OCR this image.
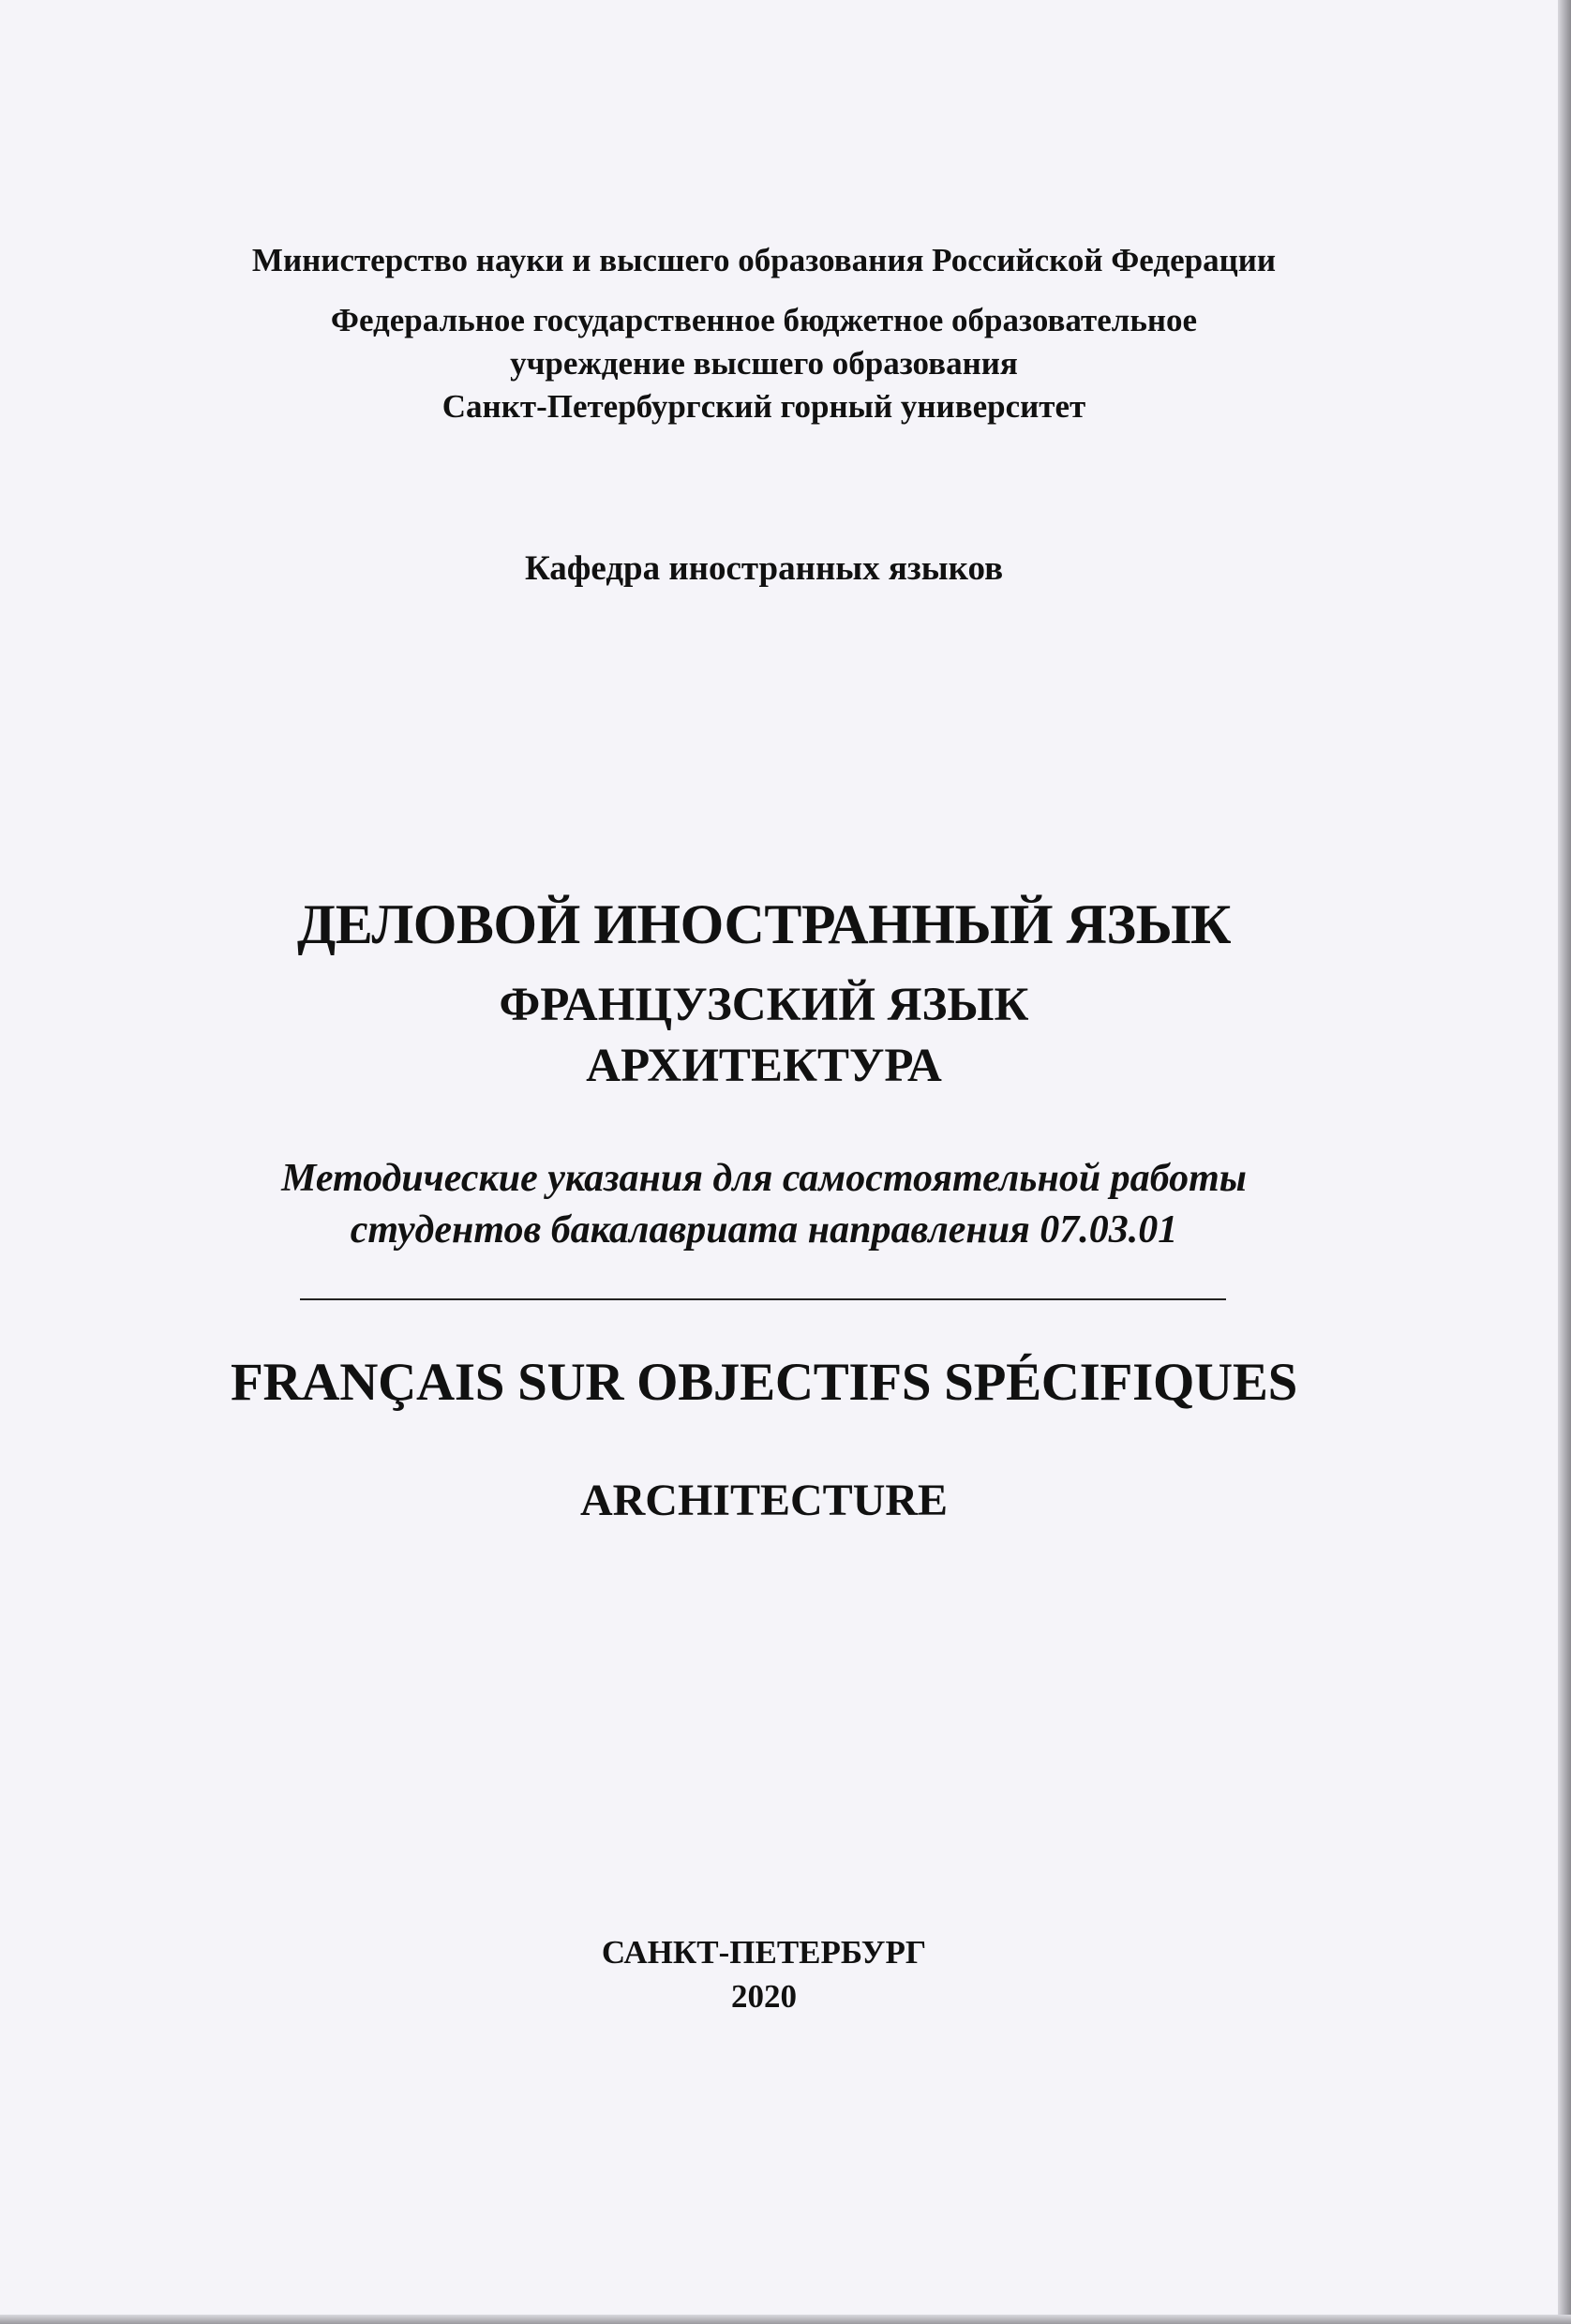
Министерство науки и высшего образования Российской Федерации
Федеральное государственное бюджетное образовательное
учреждение высшего образования
Санкт-Петербургский горный университет
Кафедра иностранных языков
ДЕЛОВОЙ ИНОСТРАННЫЙ ЯЗЫК
ФРАНЦУЗСКИЙ ЯЗЫК
АРХИТЕКТУРА
Методические указания для самостоятельной работы
студентов бакалавриата направления 07.03.01
FRANÇAIS SUR OBJECTIFS SPÉCIFIQUES
ARCHITECTURE
САНКТ-ПЕТЕРБУРГ
2020
